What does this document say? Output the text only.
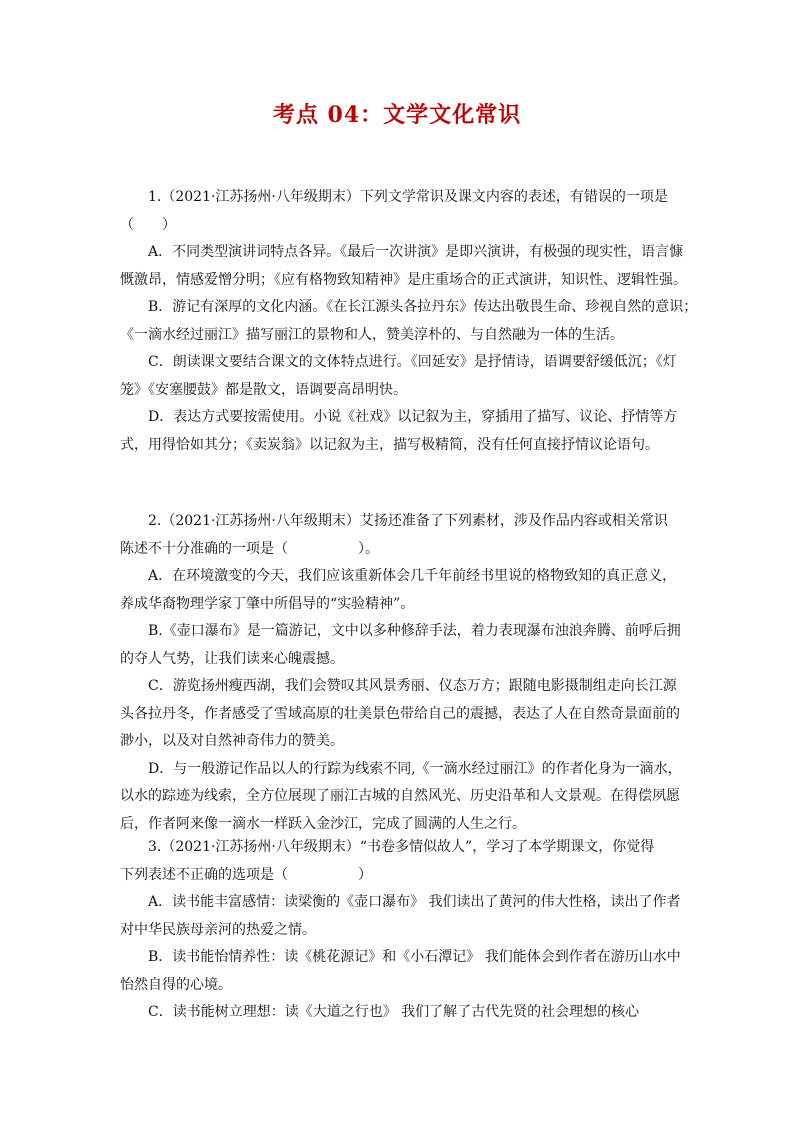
考点 04：文学文化常识

1.（2021·江苏扬州·八年级期末）下列文学常识及课文内容的表述，有错误的一项是

（　　）

A．不同类型演讲词特点各异。《最后一次讲演》是即兴演讲，有极强的现实性，语言慷

慨激昂，情感爱憎分明；《应有格物致知精神》是庄重场合的正式演讲，知识性、逻辑性强。

B．游记有深厚的文化内涵。《在长江源头各拉丹东》传达出敬畏生命、珍视自然的意识；

《一滴水经过丽江》描写丽江的景物和人，赞美淳朴的、与自然融为一体的生活。

C．朗读课文要结合课文的文体特点进行。《回延安》是抒情诗，语调要舒缓低沉；《灯

笼》《安塞腰鼓》都是散文，语调要高昂明快。

D．表达方式要按需使用。小说《社戏》以记叙为主，穿插用了描写、议论、抒情等方

式，用得恰如其分；《卖炭翁》以记叙为主，描写极精简，没有任何直接抒情议论语句。

2.（2021·江苏扬州·八年级期末）艾扬还准备了下列素材，涉及作品内容或相关常识

陈述不十分准确的一项是（　　　　　）。

A．在环境激变的今天，我们应该重新体会几千年前经书里说的格物致知的真正意义，

养成华裔物理学家丁肇中所倡导的“实验精神”。

B.《壶口瀑布》是一篇游记，文中以多种修辞手法，着力表现瀑布浊浪奔腾、前呼后拥

的夺人气势，让我们读来心魄震撼。

C．游览扬州瘦西湖，我们会赞叹其风景秀丽、仪态万方；跟随电影摄制组走向长江源

头各拉丹冬，作者感受了雪域高原的壮美景色带给自己的震撼，表达了人在自然奇景面前的

渺小，以及对自然神奇伟力的赞美。

D．与一般游记作品以人的行踪为线索不同,《一滴水经过丽江》的作者化身为一滴水，

以水的踪迹为线索，全方位展现了丽江古城的自然风光、历史沿革和人文景观。在得偿夙愿

后，作者阿来像一滴水一样跃入金沙江，完成了圆满的人生之行。

3.（2021·江苏扬州·八年级期末）“书卷多情似故人”，学习了本学期课文，你觉得

下列表述不正确的选项是（　　　　　）

A．读书能丰富感情：读梁衡的《壶口瀑布》 我们读出了黄河的伟大性格，读出了作者

对中华民族母亲河的热爱之情。

B．读书能怡情养性：读《桃花源记》和《小石潭记》 我们能体会到作者在游历山水中

怡然自得的心境。

C．读书能树立理想：读《大道之行也》 我们了解了古代先贤的社会理想的核心
